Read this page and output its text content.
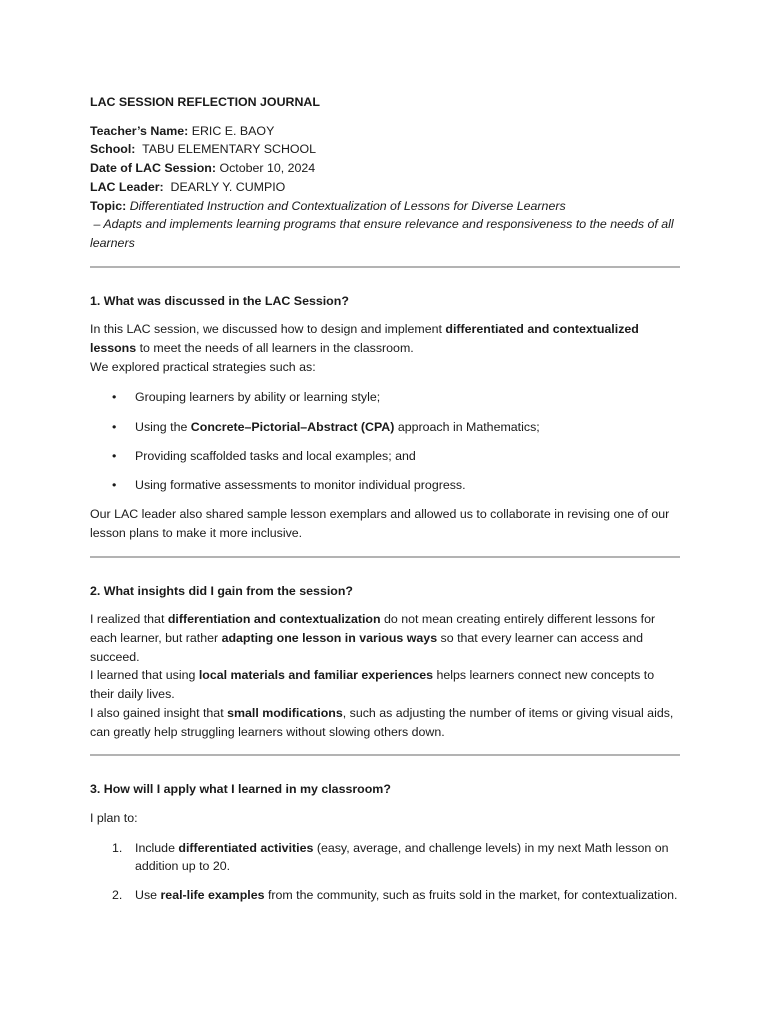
LAC SESSION REFLECTION JOURNAL

Teacher’s Name: ERIC E. BAOY

School:  TABU ELEMENTARY SCHOOL

Date of LAC Session: October 10, 2024

LAC Leader:  DEARLY Y. CUMPIO

Topic: Differentiated Instruction and Contextualization of Lessons for Diverse Learners

– Adapts and implements learning programs that ensure relevance and responsiveness to the needs of all learners

1. What was discussed in the LAC Session?

In this LAC session, we discussed how to design and implement differentiated and contextualized lessons to meet the needs of all learners in the classroom.
We explored practical strategies such as:

• Grouping learners by ability or learning style;
• Using the Concrete–Pictorial–Abstract (CPA) approach in Mathematics;
• Providing scaffolded tasks and local examples; and
• Using formative assessments to monitor individual progress.

Our LAC leader also shared sample lesson exemplars and allowed us to collaborate in revising one of our lesson plans to make it more inclusive.

2. What insights did I gain from the session?

I realized that differentiation and contextualization do not mean creating entirely different lessons for each learner, but rather adapting one lesson in various ways so that every learner can access and succeed.
I learned that using local materials and familiar experiences helps learners connect new concepts to their daily lives.
I also gained insight that small modifications, such as adjusting the number of items or giving visual aids, can greatly help struggling learners without slowing others down.

3. How will I apply what I learned in my classroom?

I plan to:

1. Include differentiated activities (easy, average, and challenge levels) in my next Math lesson on addition up to 20.
2. Use real-life examples from the community, such as fruits sold in the market, for contextualization.
